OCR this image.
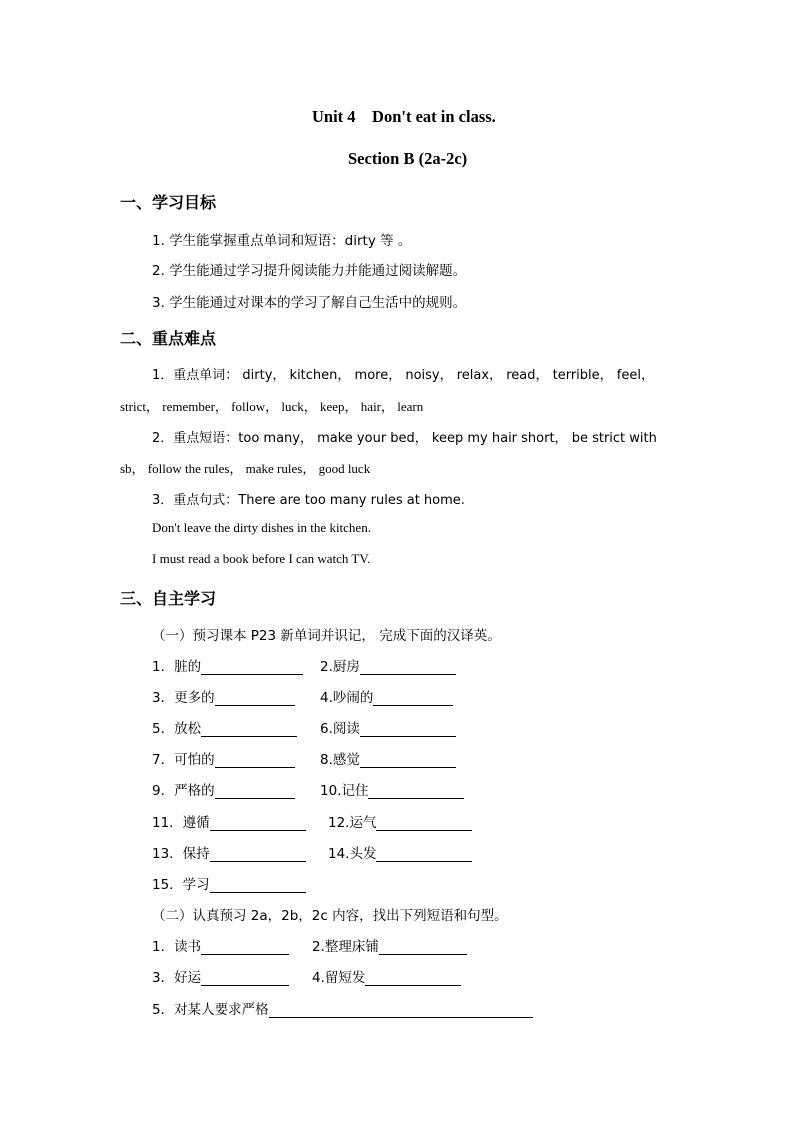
Unit 4    Don't eat in class.
Section B (2a-2c)
一、学习目标
1. 学生能掌握重点单词和短语：dirty 等 。
2. 学生能通过学习提升阅读能力并能通过阅读解题。
3. 学生能通过对课本的学习了解自己生活中的规则。
二、重点难点
1．重点单词： dirty， kitchen， more， noisy， relax， read， terrible， feel，
strict， remember， follow， luck， keep， hair， learn
2．重点短语：too many， make your bed， keep my hair short， be strict with
sb， follow the rules， make rules， good luck
3．重点句式：There are too many rules at home.
Don't leave the dirty dishes in the kitchen.
I must read a book before I can watch TV.
三、自主学习
（一）预习课本 P23 新单词并识记， 完成下面的汉译英。
1．脏的	2.厨房
3．更多的	4.吵闹的
5．放松	6.阅读
7．可怕的	8.感觉
9．严格的	10.记住
11．遵循	12.运气
13．保持	14.头发
15．学习
（二）认真预习 2a，2b，2c 内容，找出下列短语和句型。
1．读书	2.整理床铺
3．好运	4.留短发
5．对某人要求严格
